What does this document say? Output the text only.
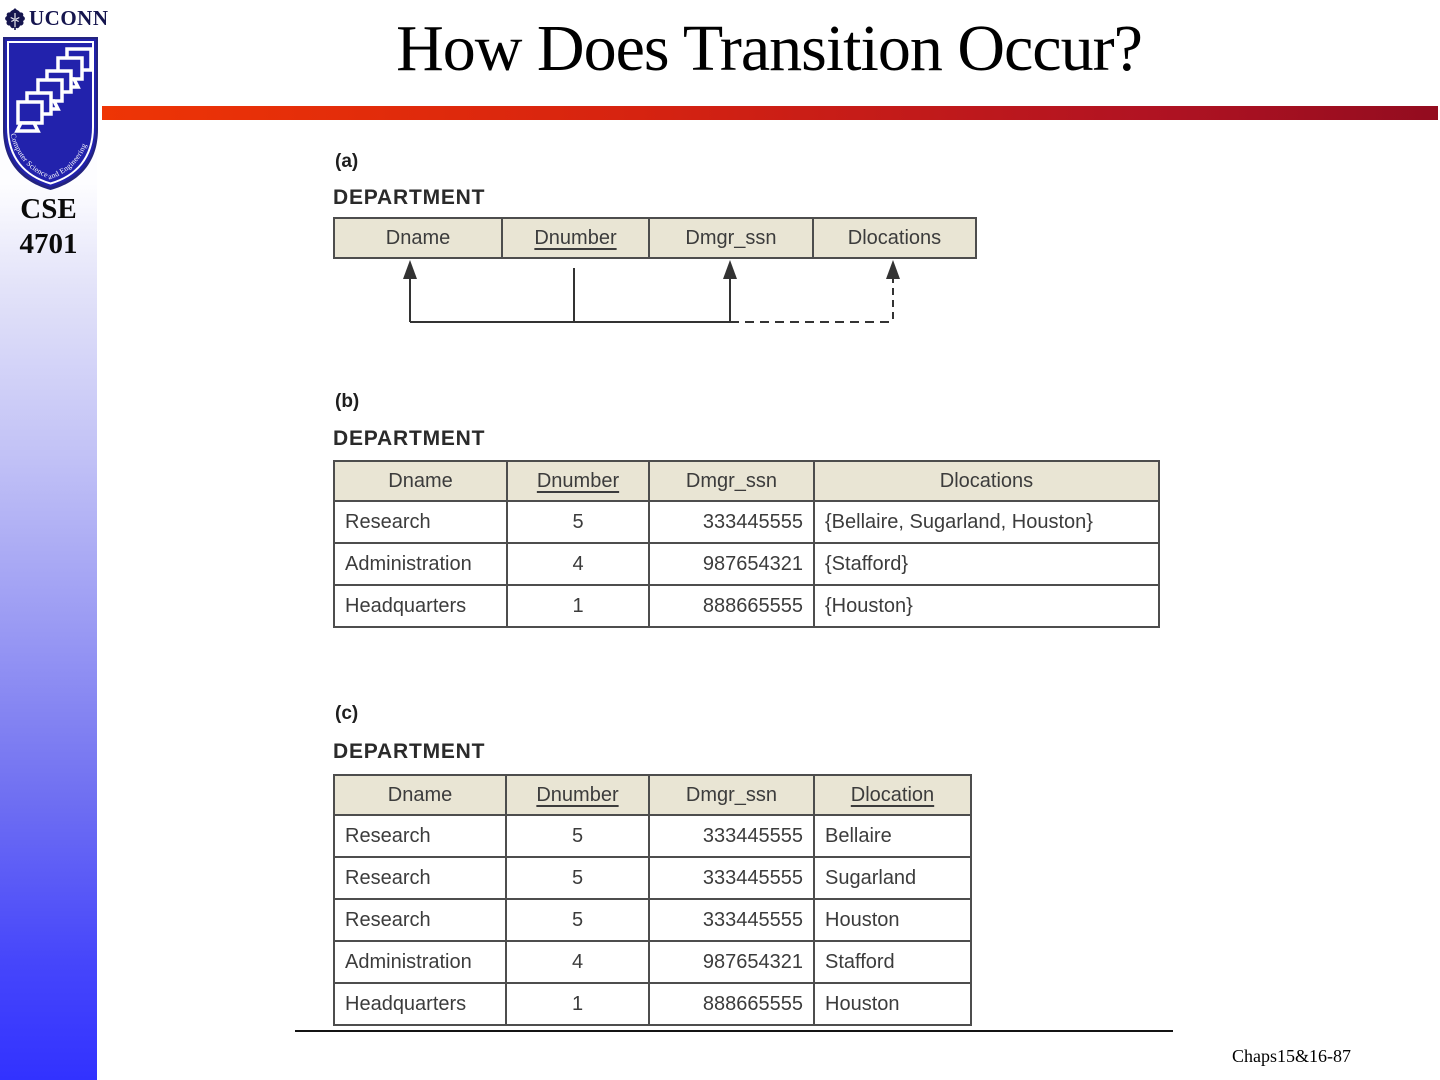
UCONN
Computer Science and Engineering
CSE
4701
How Does Transition Occur?
(a)
DEPARTMENT
Dname	Dnumber	Dmgr_ssn	Dlocations
(b)
DEPARTMENT
Dname	Dnumber	Dmgr_ssn	Dlocations
Research	5	333445555	{Bellaire, Sugarland, Houston}
Administration	4	987654321	{Stafford}
Headquarters	1	888665555	{Houston}
(c)
DEPARTMENT
Dname	Dnumber	Dmgr_ssn	Dlocation
Research	5	333445555	Bellaire
Research	5	333445555	Sugarland
Research	5	333445555	Houston
Administration	4	987654321	Stafford
Headquarters	1	888665555	Houston
Chaps15&16-87
